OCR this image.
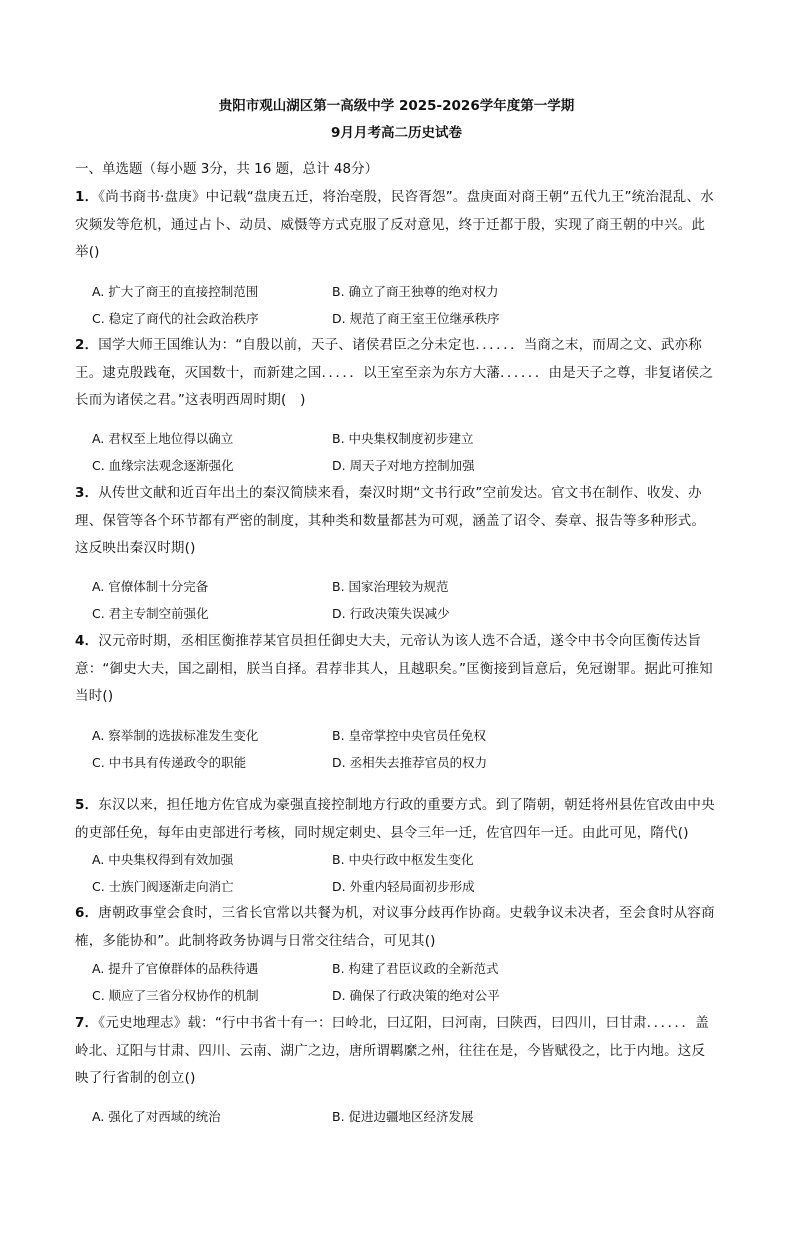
贵阳市观山湖区第一高级中学 2025-2026学年度第一学期
9月月考高二历史试卷
一、单选题（每小题 3分，共 16 题，总计 48分）
1．《尚书商书·盘庚》中记载“盘庚五迁，将治亳殷，民咨胥怨”。盘庚面对商王朝“五代九王”统治混乱、水灾频发等危机，通过占卜、动员、威慑等方式克服了反对意见，终于迁都于殷，实现了商王朝的中兴。此举()
A. 扩大了商王的直接控制范围	B. 确立了商王独尊的绝对权力
C. 稳定了商代的社会政治秩序	D. 规范了商王室王位继承秩序
2．国学大师王国维认为：“自殷以前，天子、诸侯君臣之分未定也．．．．．．当商之末，而周之文、武亦称王。逮克殷践奄，灭国数十，而新建之国．．．．．以王室至亲为东方大藩．．．．．．由是天子之尊，非复诸侯之长而为诸侯之君。”这表明西周时期(　)
A. 君权至上地位得以确立	B. 中央集权制度初步建立
C. 血缘宗法观念逐渐强化	D. 周天子对地方控制加强
3．从传世文献和近百年出土的秦汉简牍来看，秦汉时期“文书行政”空前发达。官文书在制作、收发、办理、保管等各个环节都有严密的制度，其种类和数量都甚为可观，涵盖了诏令、奏章、报告等多种形式。这反映出秦汉时期()
A. 官僚体制十分完备	B. 国家治理较为规范
C. 君主专制空前强化	D. 行政决策失误减少
4．汉元帝时期，丞相匡衡推荐某官员担任御史大夫，元帝认为该人选不合适，遂令中书令向匡衡传达旨意：“御史大夫，国之副相，朕当自择。君荐非其人，且越职矣。”匡衡接到旨意后，免冠谢罪。据此可推知当时()
A. 察举制的选拔标准发生变化	B. 皇帝掌控中央官员任免权
C. 中书具有传递政令的职能	D. 丞相失去推荐官员的权力
5．东汉以来，担任地方佐官成为豪强直接控制地方行政的重要方式。到了隋朝，朝廷将州县佐官改由中央的吏部任免，每年由吏部进行考核，同时规定刺史、县令三年一迁，佐官四年一迁。由此可见，隋代()
A. 中央集权得到有效加强	B. 中央行政中枢发生变化
C. 士族门阀逐渐走向消亡	D. 外重内轻局面初步形成
6．唐朝政事堂会食时，三省长官常以共餐为机，对议事分歧再作协商。史载争议未决者，至会食时从容商榷，多能协和”。此制将政务协调与日常交往结合，可见其()
A. 提升了官僚群体的品秩待遇	B. 构建了君臣议政的全新范式
C. 顺应了三省分权协作的机制	D. 确保了行政决策的绝对公平
7．《元史地理志》载：“行中书省十有一：曰岭北，曰辽阳，曰河南，曰陕西，曰四川，曰甘肃．．．．．．盖岭北、辽阳与甘肃、四川、云南、湖广之边，唐所谓羁縻之州，往往在是，今皆赋役之，比于内地。这反映了行省制的创立()
A. 强化了对西域的统治	B. 促进边疆地区经济发展
